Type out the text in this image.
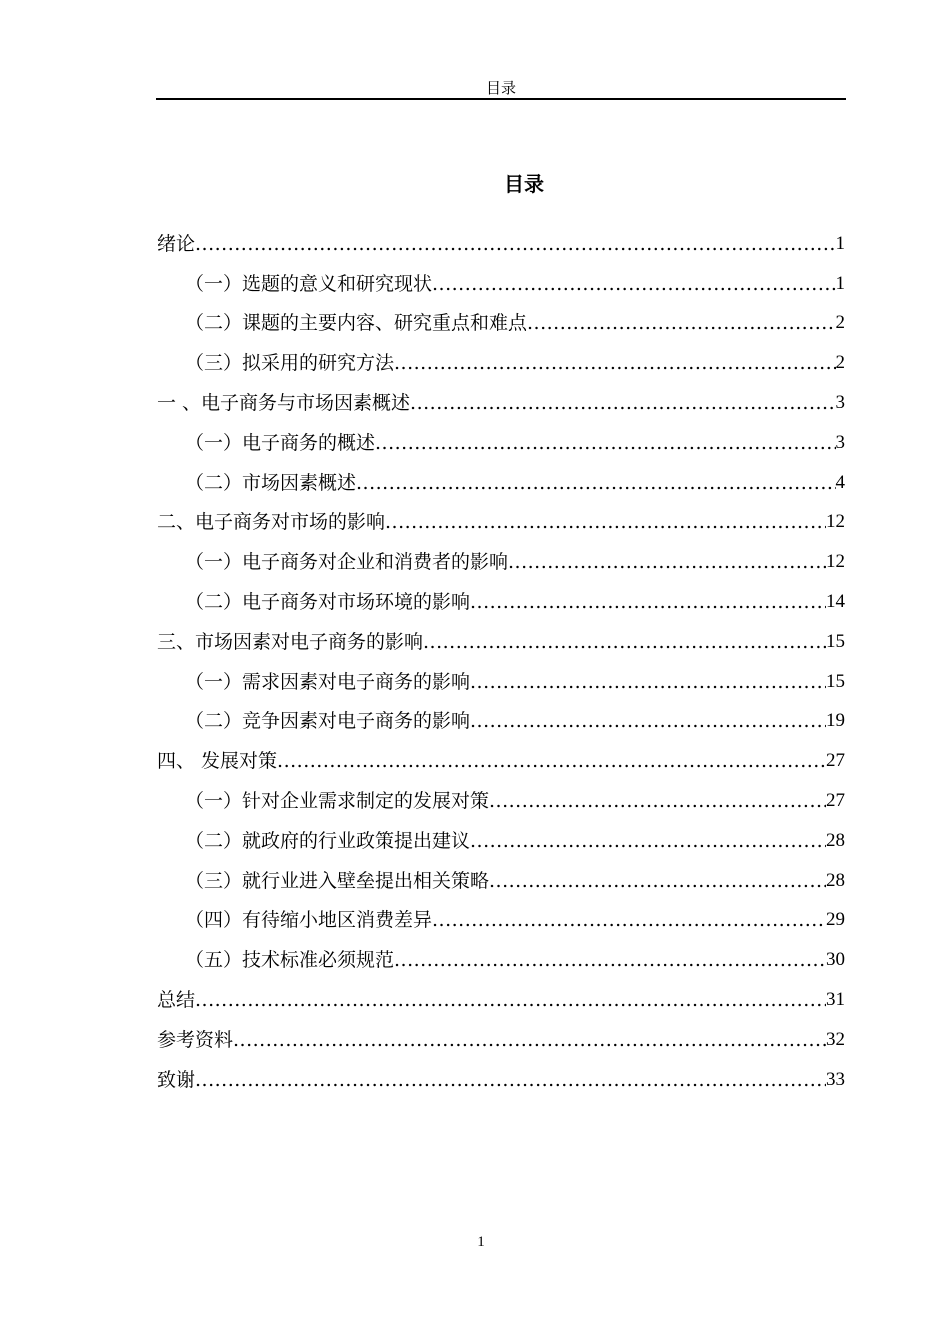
目录
目录
绪论 .....	1
（一）选题的意义和研究现状 .....	1
（二）课题的主要内容、研究重点和难点 .....	2
（三）拟采用的研究方法 .....	2
一 、电子商务与市场因素概述 .....	3
（一）电子商务的概述 .....	3
（二）市场因素概述 .....	4
二、电子商务对市场的影响 .....	12
（一）电子商务对企业和消费者的影响 .....	12
（二）电子商务对市场环境的影响 .....	14
三、市场因素对电子商务的影响 .....	15
（一）需求因素对电子商务的影响 .....	15
（二）竞争因素对电子商务的影响 .....	19
四、 发展对策 .....	27
（一）针对企业需求制定的发展对策 .....	27
（二）就政府的行业政策提出建议 .....	28
（三）就行业进入壁垒提出相关策略 .....	28
（四）有待缩小地区消费差异 .....	29
（五）技术标准必须规范 .....	30
总结 .....	31
参考资料 .....	32
致谢 .....	33
1
